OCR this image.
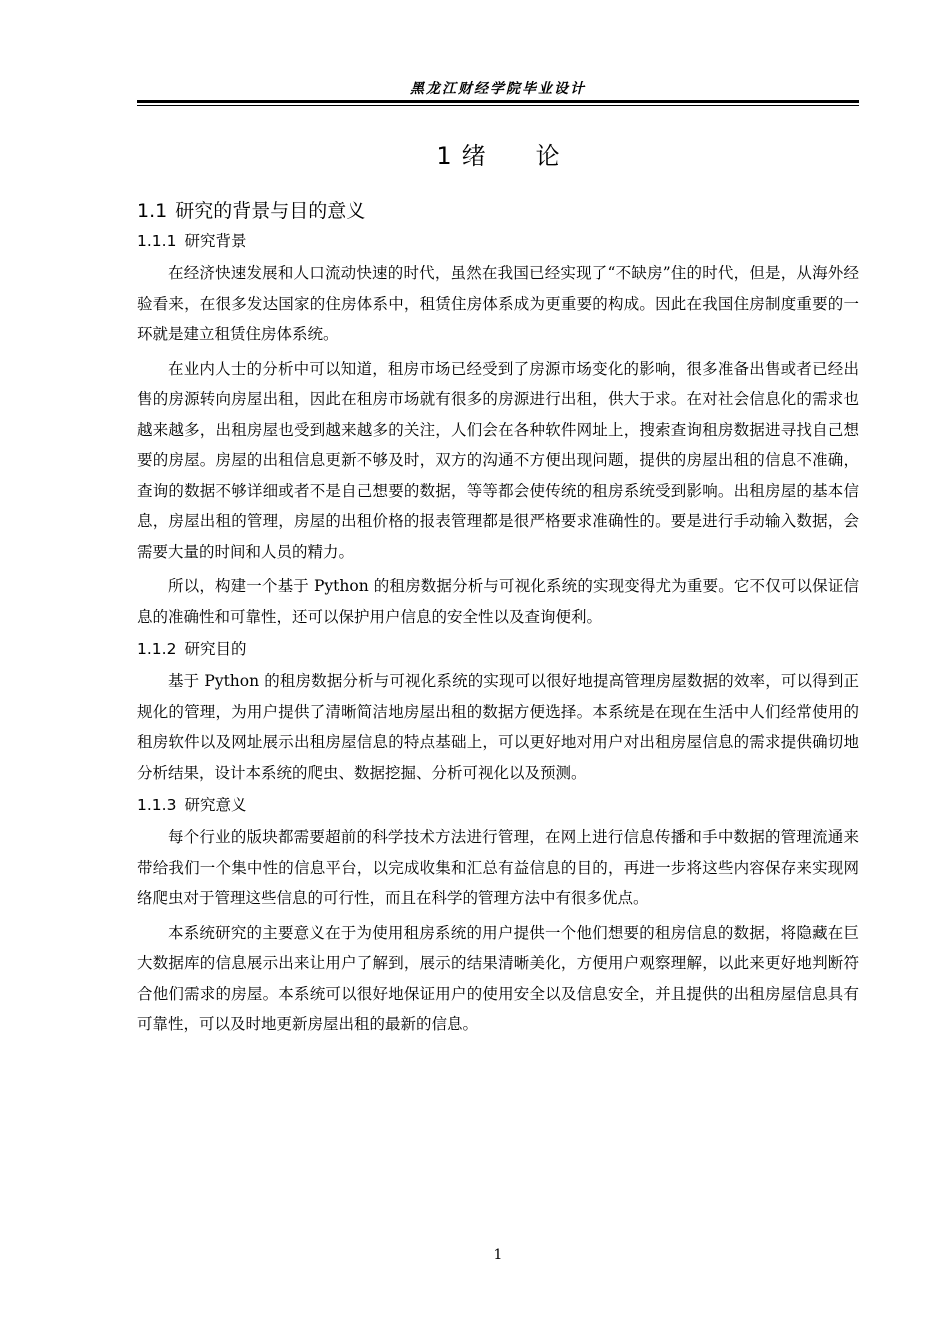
黑龙江财经学院毕业设计
1 绪 论
1.1 研究的背景与目的意义
1.1.1 研究背景

在经济快速发展和人口流动快速的时代，虽然在我国已经实现了“不缺房”住的时代，但是，从海外经验看来，在很多发达国家的住房体系中，租赁住房体系成为更重要的构成。因此在我国住房制度重要的一环就是建立租赁住房体系统。

在业内人士的分析中可以知道，租房市场已经受到了房源市场变化的影响，很多准备出售或者已经出售的房源转向房屋出租，因此在租房市场就有很多的房源进行出租，供大于求。在对社会信息化的需求也越来越多，出租房屋也受到越来越多的关注，人们会在各种软件网址上，搜索查询租房数据进寻找自己想要的房屋。房屋的出租信息更新不够及时，双方的沟通不方便出现问题，提供的房屋出租的信息不准确，查询的数据不够详细或者不是自己想要的数据，等等都会使传统的租房系统受到影响。出租房屋的基本信息，房屋出租的管理，房屋的出租价格的报表管理都是很严格要求准确性的。要是进行手动输入数据，会需要大量的时间和人员的精力。

所以，构建一个基于 Python 的租房数据分析与可视化系统的实现变得尤为重要。它不仅可以保证信息的准确性和可靠性，还可以保护用户信息的安全性以及查询便利。

1.1.2 研究目的

基于 Python 的租房数据分析与可视化系统的实现可以很好地提高管理房屋数据的效率，可以得到正规化的管理，为用户提供了清晰简洁地房屋出租的数据方便选择。本系统是在现在生活中人们经常使用的租房软件以及网址展示出租房屋信息的特点基础上，可以更好地对用户对出租房屋信息的需求提供确切地分析结果，设计本系统的爬虫、数据挖掘、分析可视化以及预测。

1.1.3 研究意义

每个行业的版块都需要超前的科学技术方法进行管理，在网上进行信息传播和手中数据的管理流通来带给我们一个集中性的信息平台，以完成收集和汇总有益信息的目的，再进一步将这些内容保存来实现网络爬虫对于管理这些信息的可行性，而且在科学的管理方法中有很多优点。

本系统研究的主要意义在于为使用租房系统的用户提供一个他们想要的租房信息的数据，将隐藏在巨大数据库的信息展示出来让用户了解到，展示的结果清晰美化，方便用户观察理解，以此来更好地判断符合他们需求的房屋。本系统可以很好地保证用户的使用安全以及信息安全，并且提供的出租房屋信息具有可靠性，可以及时地更新房屋出租的最新的信息。

1
